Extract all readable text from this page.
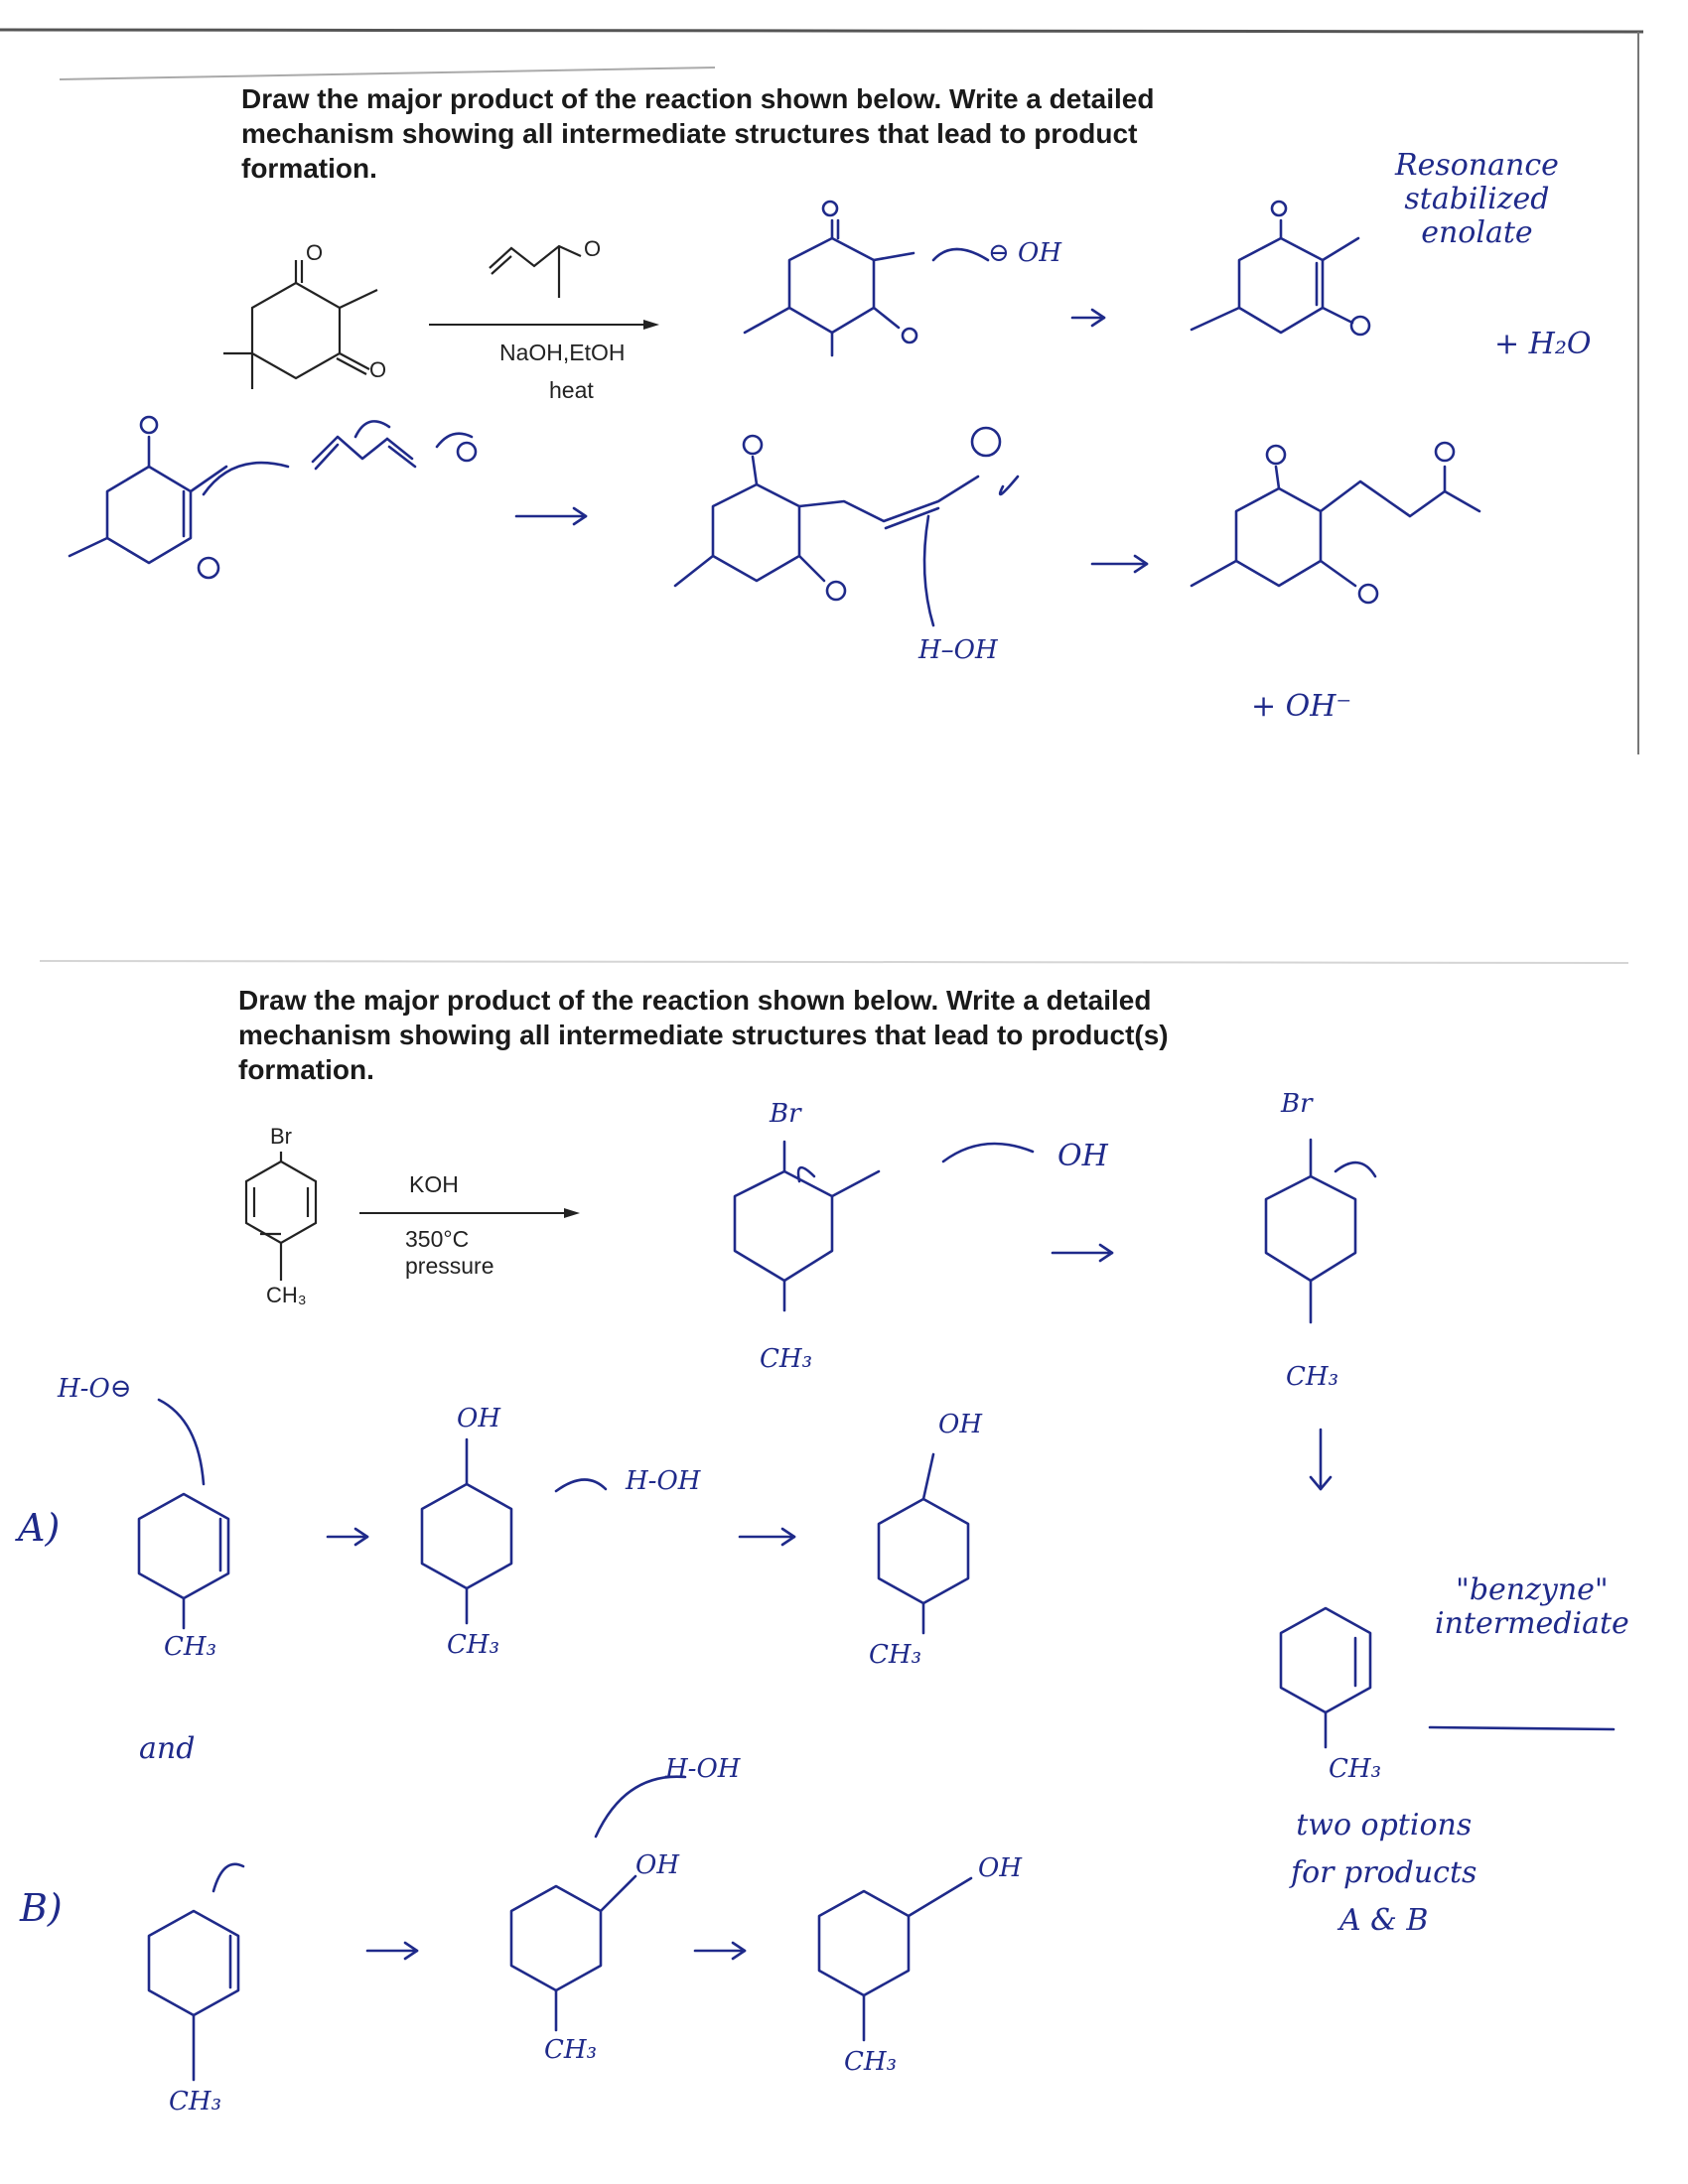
Draw the major product of the reaction shown below. Write a detailed
mechanism showing all intermediate structures that lead to product
formation.
Draw the major product of the reaction shown below. Write a detailed
mechanism showing all intermediate structures that lead to product(s)
formation.
NaOH,EtOH
heat
KOH
350°C
pressure
O
O
O
Br
CH₃
⊖ OH
Resonance
stabilized
enolate
+ H₂O
H–OH
+ OH⁻
Br
OH
Br
CH₃
CH₃
H-O⊖
A)
CH₃
OH
H-OH
CH₃
OH
CH₃
and
H-OH
OH	OH
B)
CH₃
CH₃	CH₃
"benzyne"
intermediate
CH₃
two options
for products
A & B
